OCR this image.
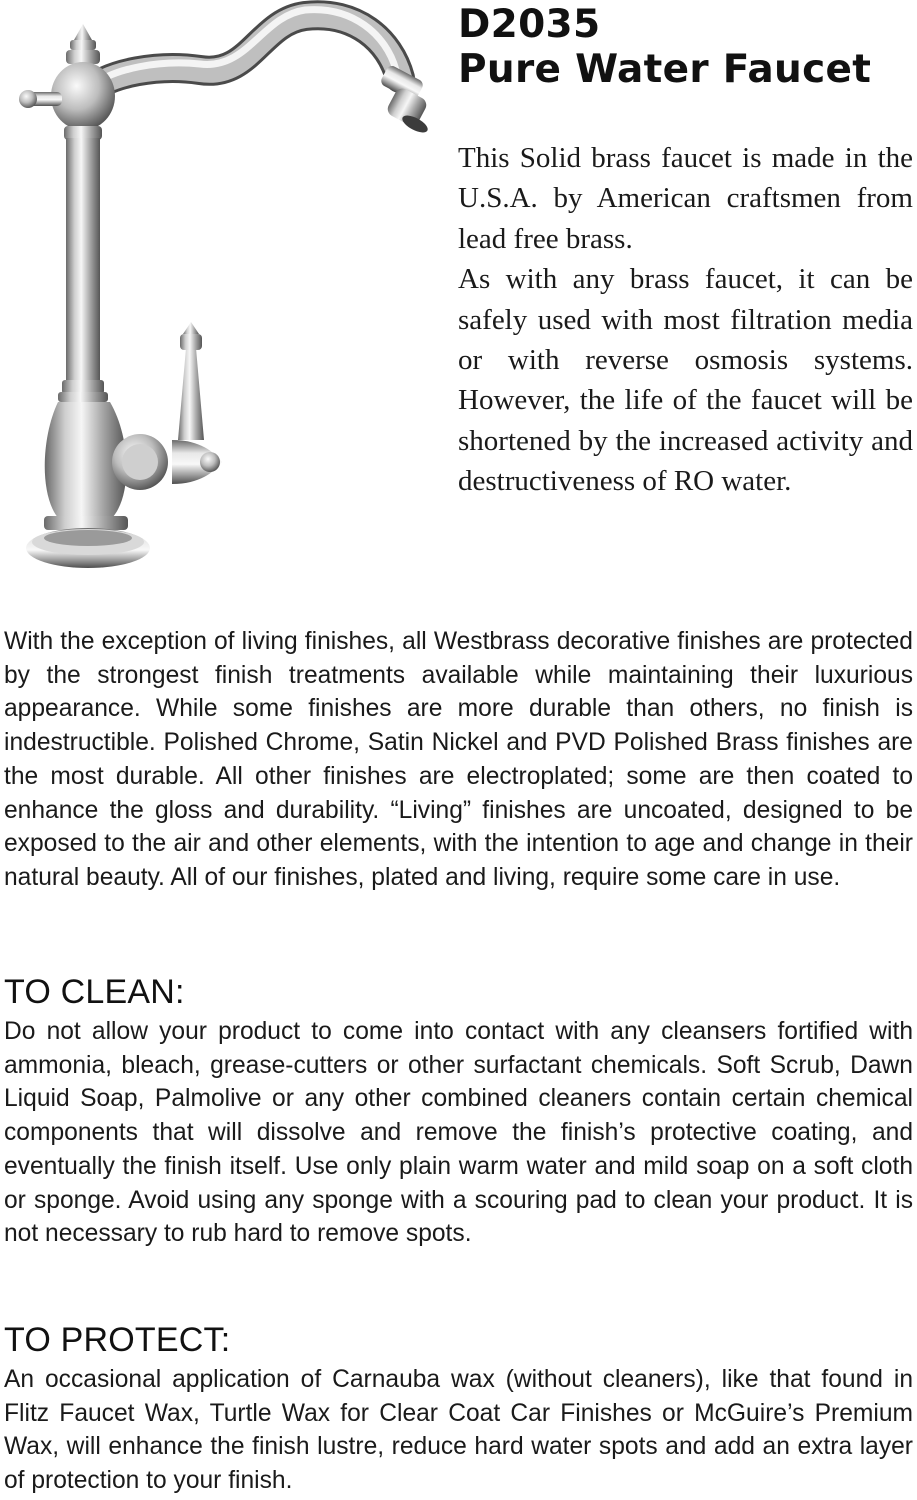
D2035
Pure Water Faucet

This Solid brass faucet is made in the U.S.A. by American craftsmen from lead free brass.

As with any brass faucet, it can be safely used with most filtration media or with reverse osmosis systems. However, the life of the faucet will be shortened by the increased activity and destructiveness of RO water.

With the exception of living finishes, all Westbrass decorative finishes are protected by the strongest finish treatments available while maintaining their luxurious appearance. While some finishes are more durable than others, no finish is indestructible. Polished Chrome, Satin Nickel and PVD Polished Brass finishes are the most durable. All other finishes are electroplated; some are then coated to enhance the gloss and durability. “Living” finishes are uncoated, designed to be exposed to the air and other elements, with the intention to age and change in their natural beauty. All of our finishes, plated and living, require some care in use.

TO CLEAN:

Do not allow your product to come into contact with any cleansers fortified with ammonia, bleach, grease-cutters or other surfactant chemicals. Soft Scrub, Dawn Liquid Soap, Palmolive or any other combined cleaners contain certain chemical components that will dissolve and remove the finish’s protective coating, and eventually the finish itself. Use only plain warm water and mild soap on a soft cloth or sponge. Avoid using any sponge with a scouring pad to clean your product. It is not necessary to rub hard to remove spots.

TO PROTECT:

An occasional application of Carnauba wax (without cleaners), like that found in Flitz Faucet Wax, Turtle Wax for Clear Coat Car Finishes or McGuire’s Premium Wax, will enhance the finish lustre, reduce hard water spots and add an extra layer of protection to your finish.
